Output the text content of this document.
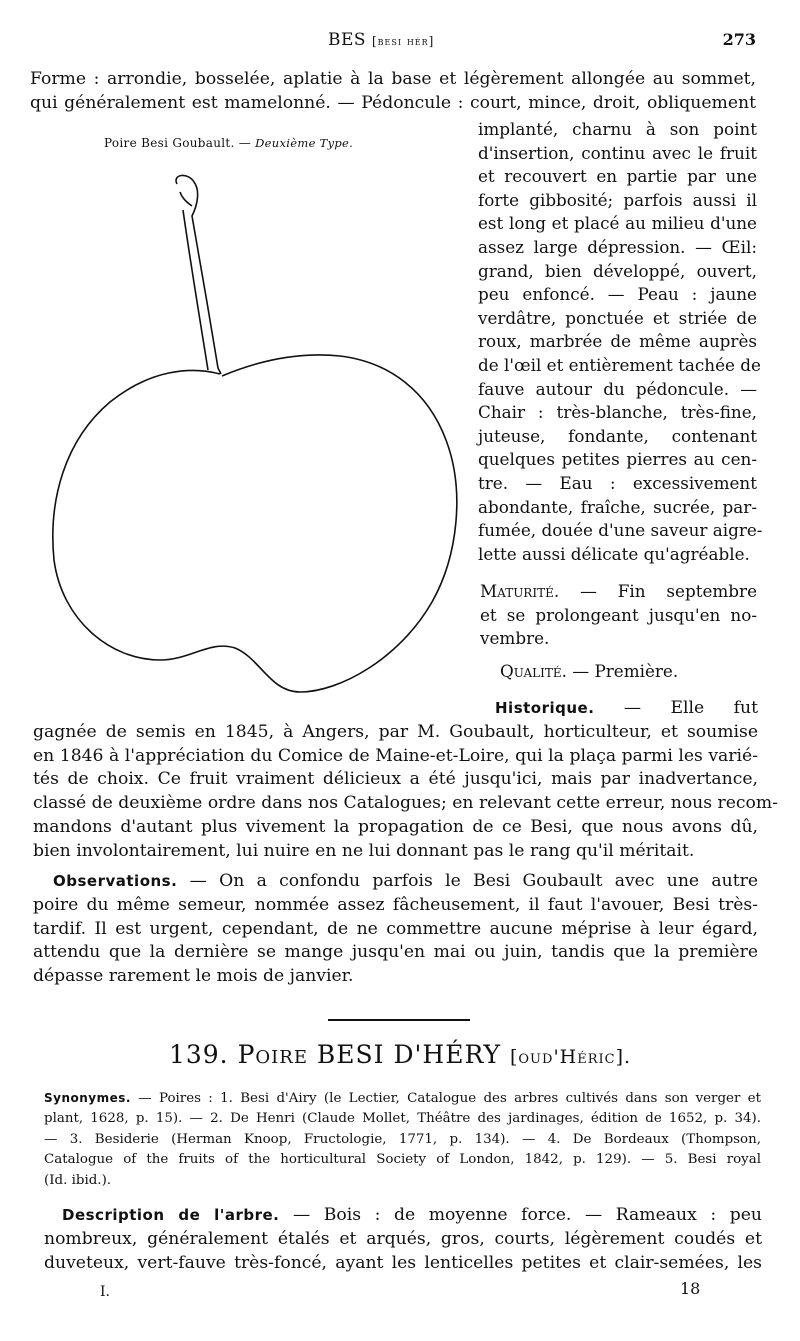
BES [besi hér]	273
Forme : arrondie, bosselée, aplatie à la base et légèrement allongée au sommet,
qui généralement est mamelonné. — Pédoncule : court, mince, droit, obliquement
Poire Besi Goubault. — Deuxième Type.
implanté, charnu à son point
d'insertion, continu avec le fruit
et recouvert en partie par une
forte gibbosité; parfois aussi il
est long et placé au milieu d'une
assez large dépression. — Œil:
grand, bien développé, ouvert,
peu enfoncé. — Peau : jaune
verdâtre, ponctuée et striée de
roux, marbrée de même auprès
de l'œil et entièrement tachée de
fauve autour du pédoncule. —
Chair : très-blanche, très-fine,
juteuse, fondante, contenant
quelques petites pierres au cen-
tre. — Eau : excessivement
abondante, fraîche, sucrée, par-
fumée, douée d'une saveur aigre-
lette aussi délicate qu'agréable.
Maturité. — Fin septembre
et se prolongeant jusqu'en no-
vembre.
Qualité. — Première.
Historique. — Elle fut
gagnée de semis en 1845, à Angers, par M. Goubault, horticulteur, et soumise
en 1846 à l'appréciation du Comice de Maine-et-Loire, qui la plaça parmi les varié-
tés de choix. Ce fruit vraiment délicieux a été jusqu'ici, mais par inadvertance,
classé de deuxième ordre dans nos Catalogues; en relevant cette erreur, nous recom-
mandons d'autant plus vivement la propagation de ce Besi, que nous avons dû,
bien involontairement, lui nuire en ne lui donnant pas le rang qu'il méritait.
Observations. — On a confondu parfois le Besi Goubault avec une autre
poire du même semeur, nommée assez fâcheusement, il faut l'avouer, Besi très-
tardif. Il est urgent, cependant, de ne commettre aucune méprise à leur égard,
attendu que la dernière se mange jusqu'en mai ou juin, tandis que la première
dépasse rarement le mois de janvier.
139. Poire BESI D'HÉRY [oud'Héric].
Synonymes. — Poires : 1. Besi d'Airy (le Lectier, Catalogue des arbres cultivés dans son verger et
plant, 1628, p. 15). — 2. De Henri (Claude Mollet, Théâtre des jardinages, édition de 1652, p. 34).
— 3. Besiderie (Herman Knoop, Fructologie, 1771, p. 134). — 4. De Bordeaux (Thompson,
Catalogue of the fruits of the horticultural Society of London, 1842, p. 129). — 5. Besi royal
(Id. ibid.).
Description de l'arbre. — Bois : de moyenne force. — Rameaux : peu
nombreux, généralement étalés et arqués, gros, courts, légèrement coudés et
duveteux, vert-fauve très-foncé, ayant les lenticelles petites et clair-semées, les
I.	18
